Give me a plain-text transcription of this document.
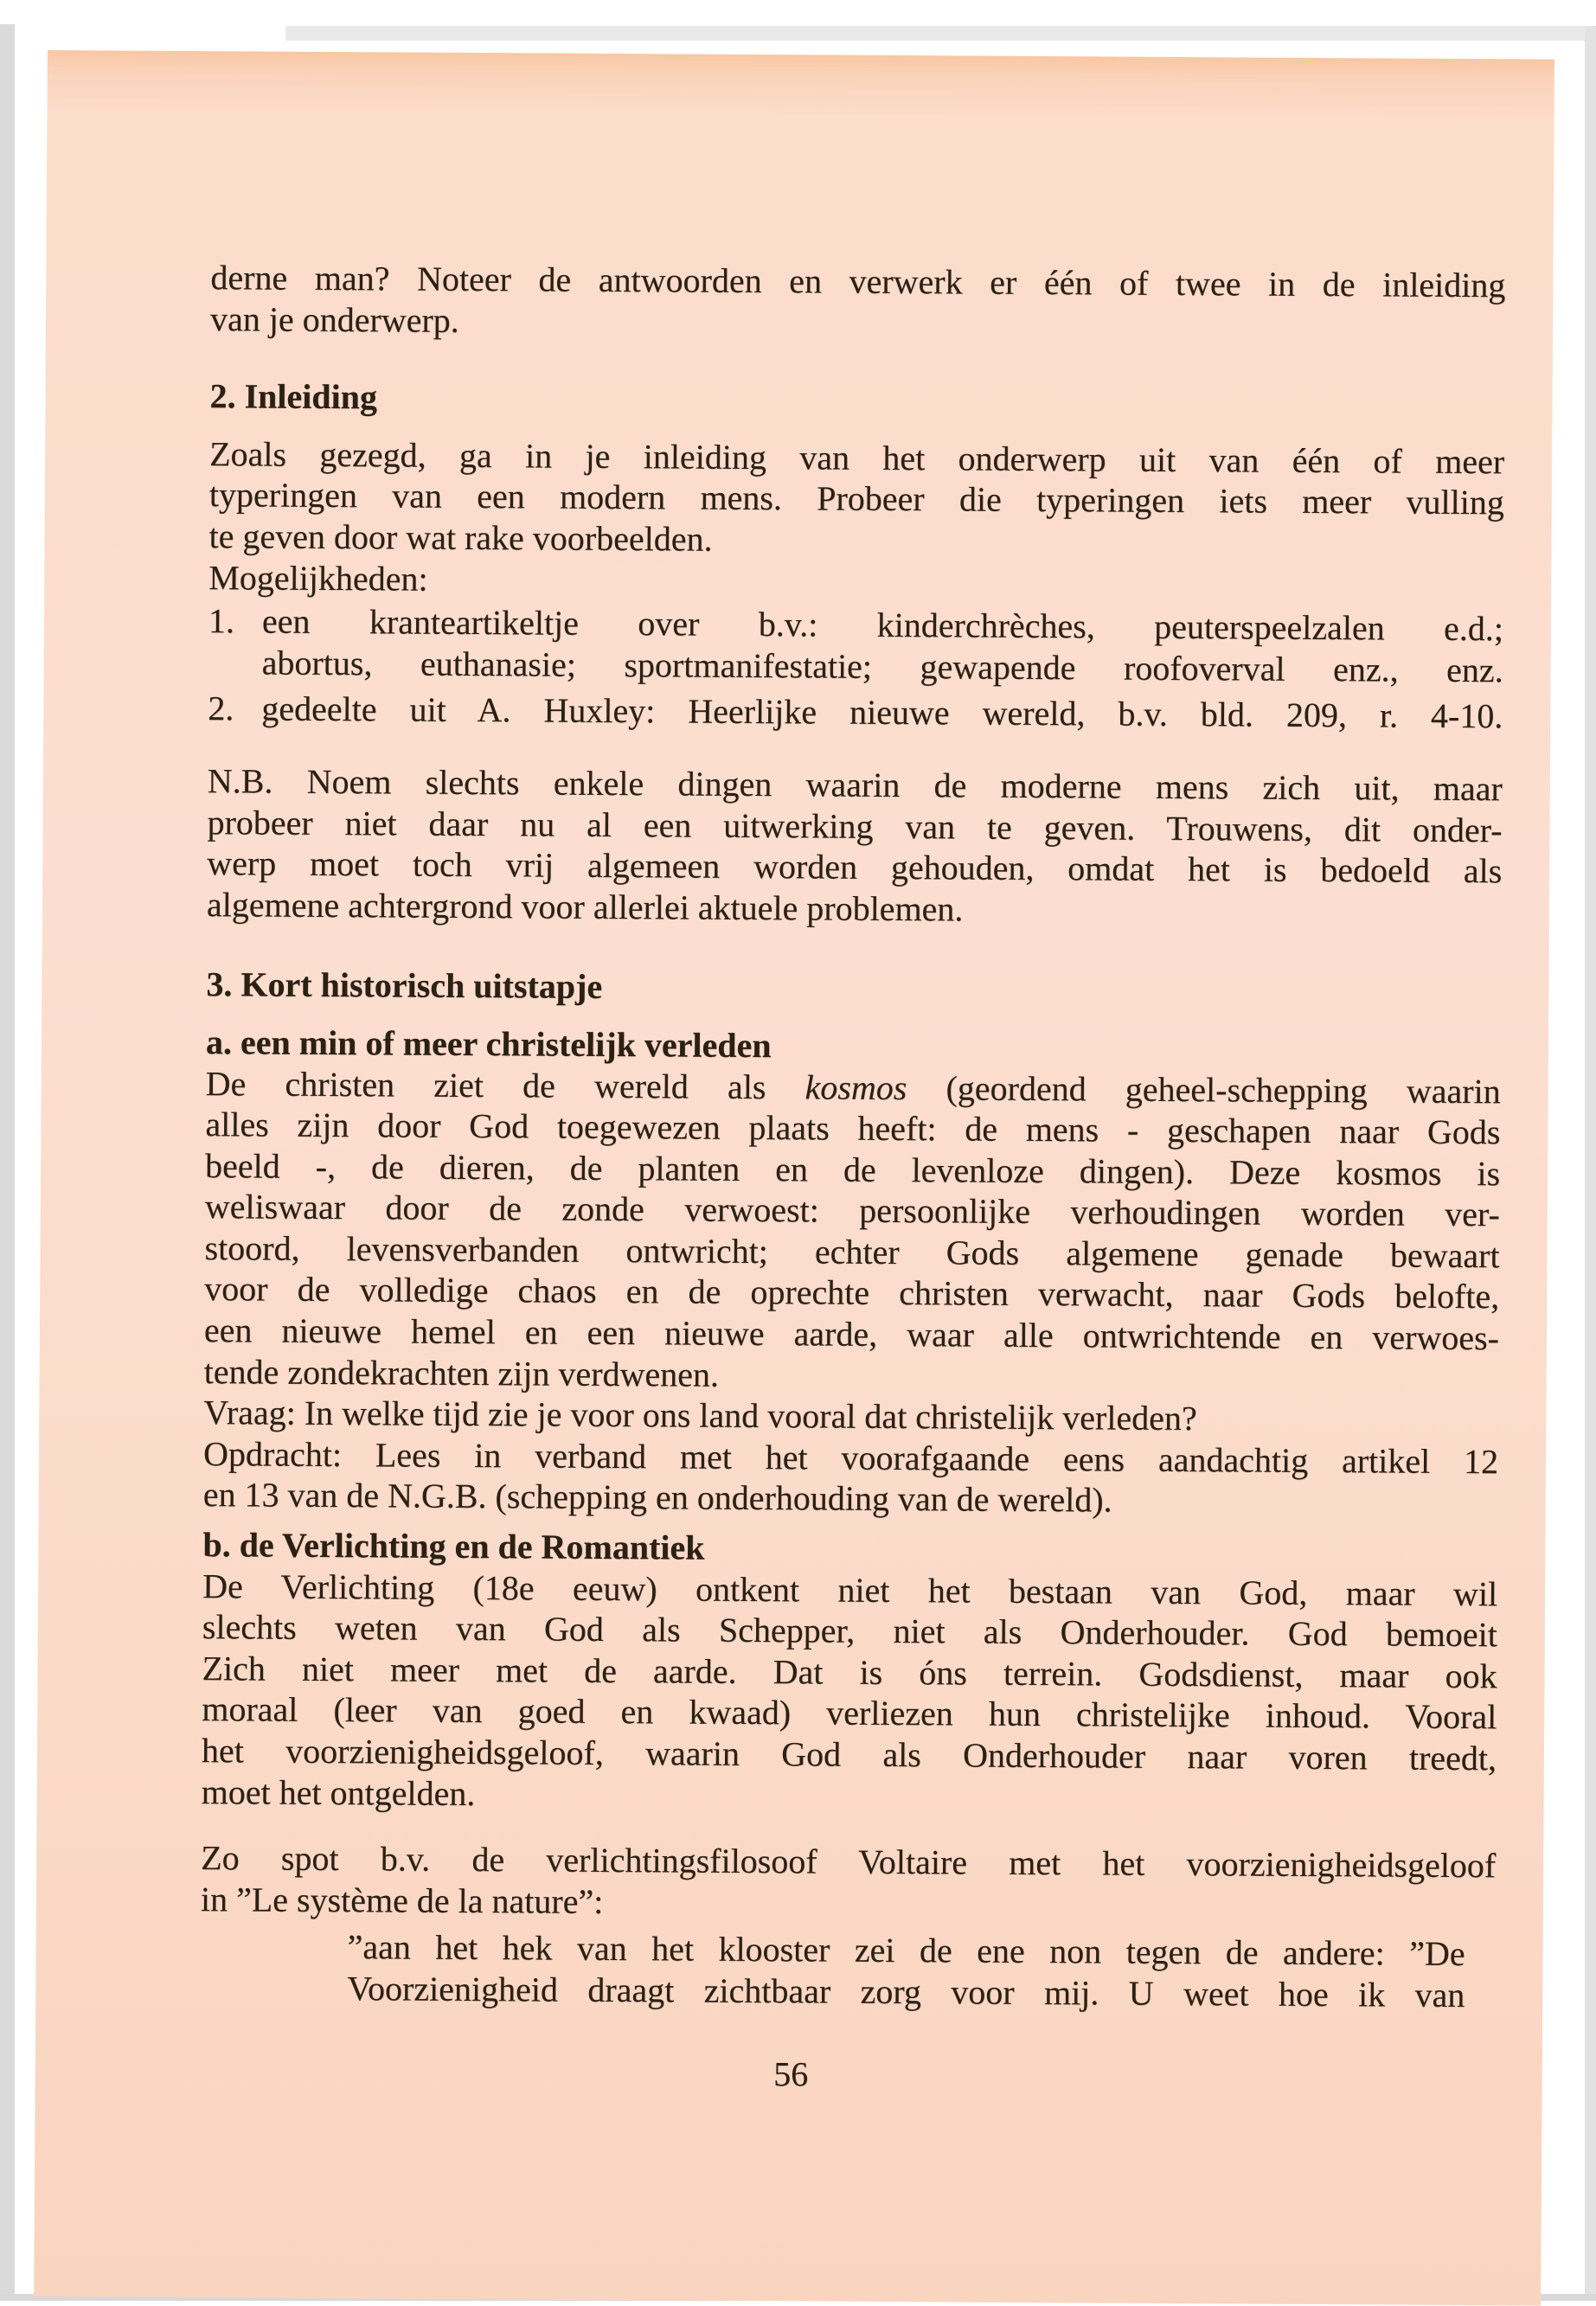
derne man? Noteer de antwoorden en verwerk er één of twee in de inleiding
van je onderwerp.
2. Inleiding
Zoals gezegd, ga in je inleiding van het onderwerp uit van één of meer
typeringen van een modern mens. Probeer die typeringen iets meer vulling
te geven door wat rake voorbeelden.
Mogelijkheden:
1. een kranteartikeltje over b.v.: kinderchrèches, peuterspeelzalen e.d.;
abortus, euthanasie; sportmanifestatie; gewapende roofoverval enz., enz.
2. gedeelte uit A. Huxley: Heerlijke nieuwe wereld, b.v. bld. 209, r. 4-10.
N.B. Noem slechts enkele dingen waarin de moderne mens zich uit, maar
probeer niet daar nu al een uitwerking van te geven. Trouwens, dit onder-
werp moet toch vrij algemeen worden gehouden, omdat het is bedoeld als
algemene achtergrond voor allerlei aktuele problemen.
3. Kort historisch uitstapje
a. een min of meer christelijk verleden
De christen ziet de wereld als kosmos (geordend geheel-schepping waarin
alles zijn door God toegewezen plaats heeft: de mens - geschapen naar Gods
beeld -, de dieren, de planten en de levenloze dingen). Deze kosmos is
weliswaar door de zonde verwoest: persoonlijke verhoudingen worden ver-
stoord, levensverbanden ontwricht; echter Gods algemene genade bewaart
voor de volledige chaos en de oprechte christen verwacht, naar Gods belofte,
een nieuwe hemel en een nieuwe aarde, waar alle ontwrichtende en verwoes-
tende zondekrachten zijn verdwenen.
Vraag: In welke tijd zie je voor ons land vooral dat christelijk verleden?
Opdracht: Lees in verband met het voorafgaande eens aandachtig artikel 12
en 13 van de N.G.B. (schepping en onderhouding van de wereld).
b. de Verlichting en de Romantiek
De Verlichting (18e eeuw) ontkent niet het bestaan van God, maar wil
slechts weten van God als Schepper, niet als Onderhouder. God bemoeit
Zich niet meer met de aarde. Dat is óns terrein. Godsdienst, maar ook
moraal (leer van goed en kwaad) verliezen hun christelijke inhoud. Vooral
het voorzienigheidsgeloof, waarin God als Onderhouder naar voren treedt,
moet het ontgelden.
Zo spot b.v. de verlichtingsfilosoof Voltaire met het voorzienigheidsgeloof
in ”Le système de la nature”:
”aan het hek van het klooster zei de ene non tegen de andere: ”De
Voorzienigheid draagt zichtbaar zorg voor mij. U weet hoe ik van
56
